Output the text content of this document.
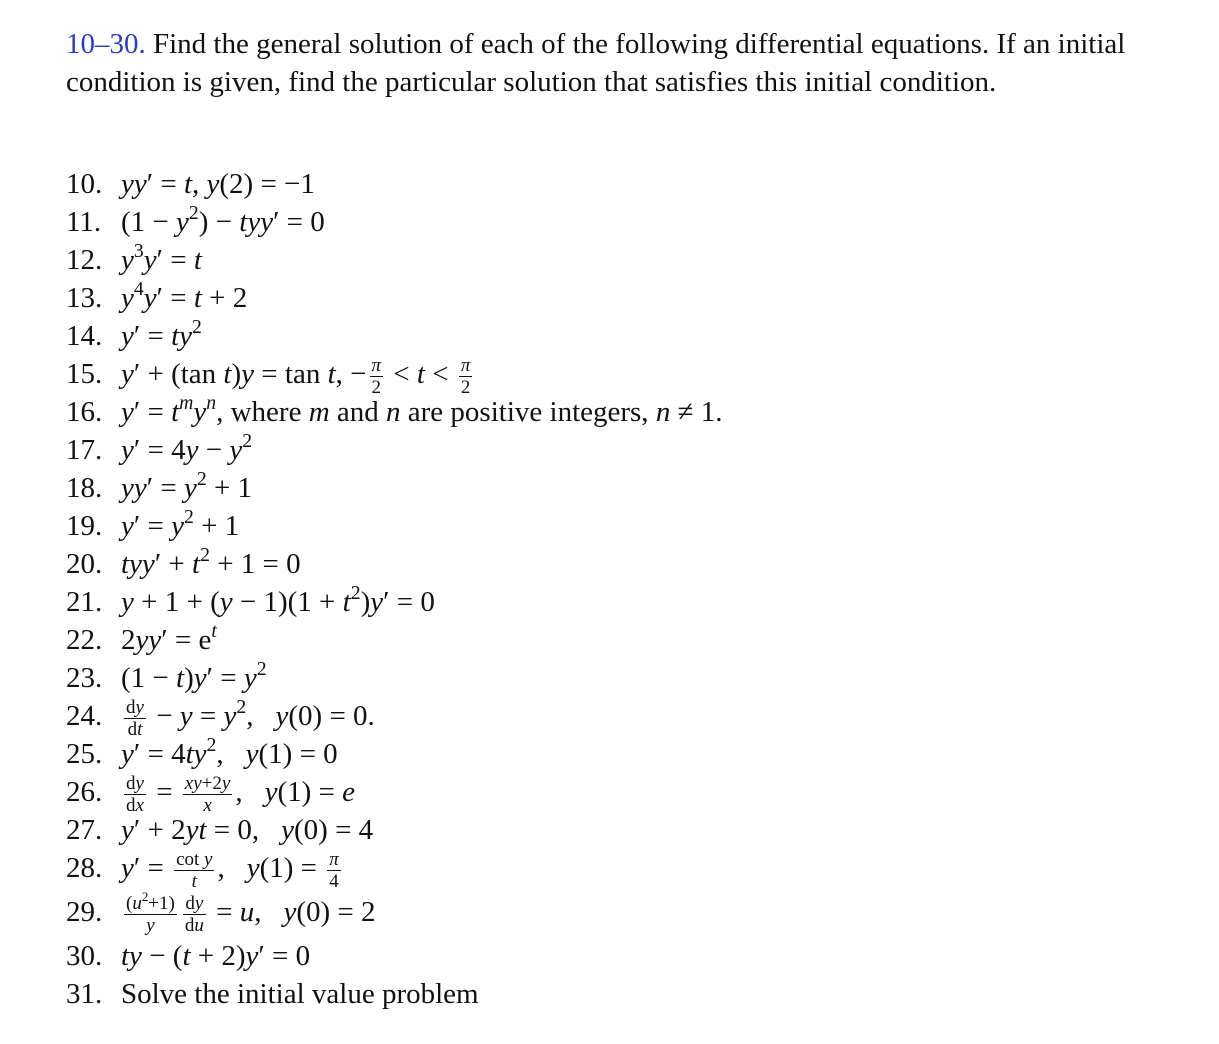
10–30. Find the general solution of each of the following differential equations. If an initial condition is given, find the particular solution that satisfies this initial condition.

10. yy′ = t, y(2) = −1
11. $(1 - y^2) - tyy' = 0$
12. $y^3y' = t$
13. $y^4y' = t + 2$
14. $y' = ty^2$
15. y′ + (tan t)y = tan t, − $\frac{\pi}{2} < t < \frac{\pi}{2}$
16. $y' = t^my^n$, where m and n are positive integers, n ≠ 1.
17. $y' = 4y - y^2$
18. $yy' = y^2 + 1$
19. $y' = y^2 + 1$
20. $tyy' + t^2 + 1 = 0$
21. $y + 1 + (y - 1)(1 + t^2)y' = 0$
22. $2yy' = e^t$
23. $(1 - t)y' = y^2$
24. $\frac{dy}{dt} - y = y^2$, y(0) = 0.
25. $y' = 4ty^2$, y(1) = 0
26. $\frac{dy}{dx} = \frac{xy+2y}{x}$ , y(1) = e
27. y′ + 2yt = 0, y(0) = 4
28. $y' = \frac{\text{cot y}}{t}$ , $y(1) = \frac{\pi}{4}$
29. $\frac{(u^2+1)}{y} \frac{dy}{du} = u$, y(0) = 2
30. ty − (t + 2)y′ = 0
31. Solve the initial value problem
